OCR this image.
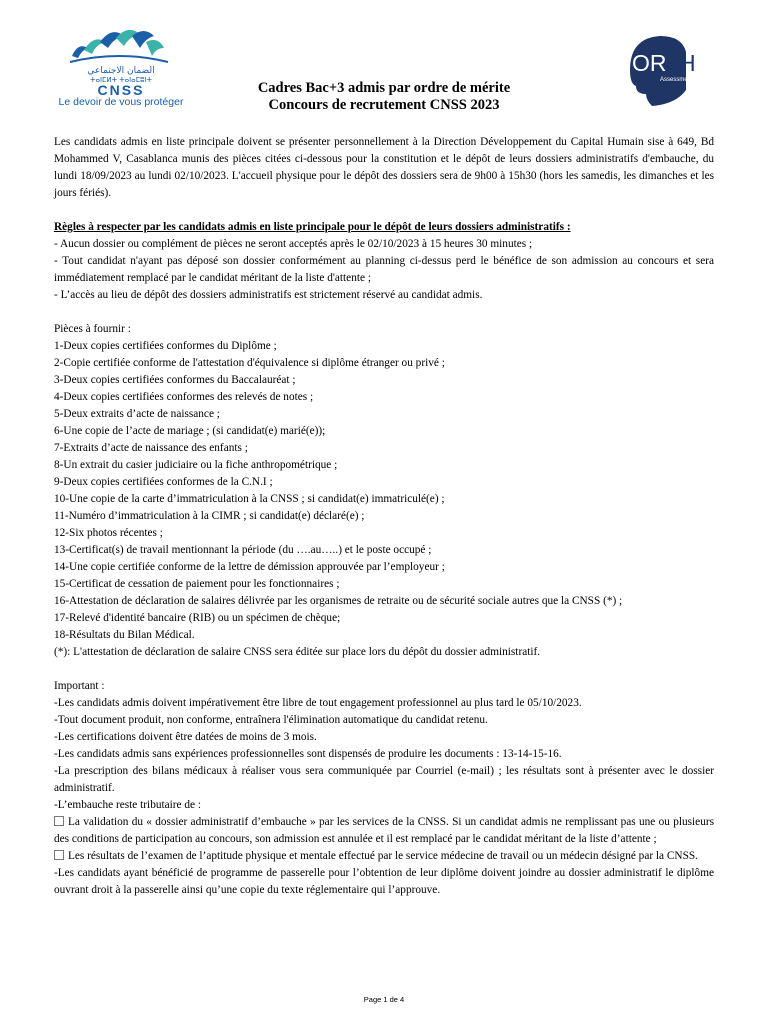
الضمان الاجتماعي
ⵜⴰⵏⵎⵍⵜ ⵜⴰⵏⴰⵎⵓⵏⵜ
CNSS
Le devoir de vous protéger
OR H
Assessment
Cadres Bac+3 admis par ordre de mérite
Concours de recrutement CNSS 2023

Les candidats admis en liste principale doivent se présenter personnellement à la Direction Développement du Capital Humain sise à 649, Bd Mohammed V, Casablanca munis des pièces citées ci-dessous pour la constitution et le dépôt de leurs dossiers administratifs d'embauche, du lundi 18/09/2023 au lundi 02/10/2023. L'accueil physique pour le dépôt des dossiers sera de 9h00 à 15h30 (hors les samedis, les dimanches et les jours fériés).

Règles à respecter par les candidats admis en liste principale pour le dépôt de leurs dossiers administratifs :

- Aucun dossier ou complément de pièces ne seront acceptés après le 02/10/2023 à 15 heures 30 minutes ;

- Tout candidat n'ayant pas déposé son dossier conformément au planning ci-dessus perd le bénéfice de son admission au concours et sera immédiatement remplacé par le candidat méritant de la liste d'attente ;

- L’accès au lieu de dépôt des dossiers administratifs est strictement réservé au candidat admis.

Pièces à fournir :

1-Deux copies certifiées conformes du Diplôme ;

2-Copie certifiée conforme de l'attestation d'équivalence si diplôme étranger ou privé ;

3-Deux copies certifiées conformes du Baccalauréat ;

4-Deux copies certifiées conformes des relevés de notes ;

5-Deux extraits d’acte de naissance ;

6-Une copie de l’acte de mariage ; (si candidat(e) marié(e));

7-Extraits d’acte de naissance des enfants ;

8-Un extrait du casier judiciaire ou la fiche anthropométrique ;

9-Deux copies certifiées conformes de la C.N.I ;

10-Une copie de la carte d’immatriculation à la CNSS ; si candidat(e) immatriculé(e) ;

11-Numéro d’immatriculation à la CIMR ; si candidat(e) déclaré(e) ;

12-Six photos récentes ;

13-Certificat(s) de travail mentionnant la période (du ….au…..) et le poste occupé ;

14-Une copie certifiée conforme de la lettre de démission approuvée par l’employeur ;

15-Certificat de cessation de paiement pour les fonctionnaires ;

16-Attestation de déclaration de salaires délivrée par les organismes de retraite ou de sécurité sociale autres que la CNSS (*) ;

17-Relevé d'identité bancaire (RIB) ou un spécimen de chèque;

18-Résultats du Bilan Médical.

(*): L'attestation de déclaration de salaire CNSS sera éditée sur place lors du dépôt du dossier administratif.

Important :

-Les candidats admis doivent impérativement être libre de tout engagement professionnel au plus tard le 05/10/2023.

-Tout document produit, non conforme, entraînera l'élimination automatique du candidat retenu.

-Les certifications doivent être datées de moins de 3 mois.

-Les candidats admis sans expériences professionnelles sont dispensés de produire les documents : 13-14-15-16.

-La prescription des bilans médicaux à réaliser vous sera communiquée par Courriel (e-mail) ; les résultats sont à présenter avec le dossier administratif.

-L’embauche reste tributaire de :

La validation du « dossier administratif d’embauche » par les services de la CNSS. Si un candidat admis ne remplissant pas une ou plusieurs des conditions de participation au concours, son admission est annulée et il est remplacé par le candidat méritant de la liste d’attente ;

Les résultats de l’examen de l’aptitude physique et mentale effectué par le service médecine de travail ou un médecin désigné par la CNSS.

-Les candidats ayant bénéficié de programme de passerelle pour l’obtention de leur diplôme doivent joindre au dossier administratif le diplôme ouvrant droit à la passerelle ainsi qu’une copie du texte réglementaire qui l’approuve.

Page 1 de 4
